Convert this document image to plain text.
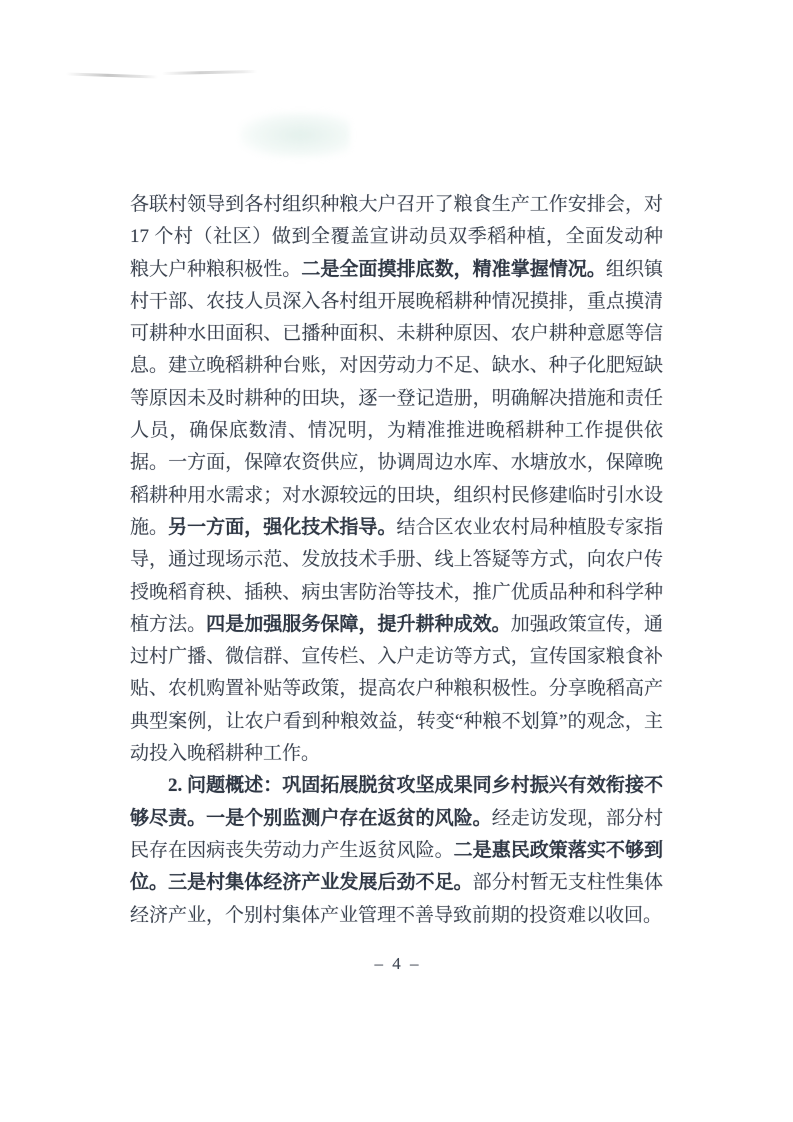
各联村领导到各村组织种粮大户召开了粮食生产工作安排会，对 17 个村（社区）做到全覆盖宣讲动员双季稻种植，全面发动种粮大户种粮积极性。二是全面摸排底数，精准掌握情况。组织镇村干部、农技人员深入各村组开展晚稻耕种情况摸排，重点摸清可耕种水田面积、已播种面积、未耕种原因、农户耕种意愿等信息。建立晚稻耕种台账，对因劳动力不足、缺水、种子化肥短缺等原因未及时耕种的田块，逐一登记造册，明确解决措施和责任人员，确保底数清、情况明，为精准推进晚稻耕种工作提供依据。一方面，保障农资供应，协调周边水库、水塘放水，保障晚稻耕种用水需求；对水源较远的田块，组织村民修建临时引水设施。另一方面，强化技术指导。结合区农业农村局种植股专家指导，通过现场示范、发放技术手册、线上答疑等方式，向农户传授晚稻育秧、插秧、病虫害防治等技术，推广优质品种和科学种植方法。四是加强服务保障，提升耕种成效。加强政策宣传，通过村广播、微信群、宣传栏、入户走访等方式，宣传国家粮食补贴、农机购置补贴等政策，提高农户种粮积极性。分享晚稻高产典型案例，让农户看到种粮效益，转变“种粮不划算”的观念，主动投入晚稻耕种工作。

2. 问题概述：巩固拓展脱贫攻坚成果同乡村振兴有效衔接不够尽责。一是个别监测户存在返贫的风险。经走访发现，部分村民存在因病丧失劳动力产生返贫风险。二是惠民政策落实不够到位。三是村集体经济产业发展后劲不足。部分村暂无支柱性集体经济产业，个别村集体产业管理不善导致前期的投资难以收回。

– 4 –
